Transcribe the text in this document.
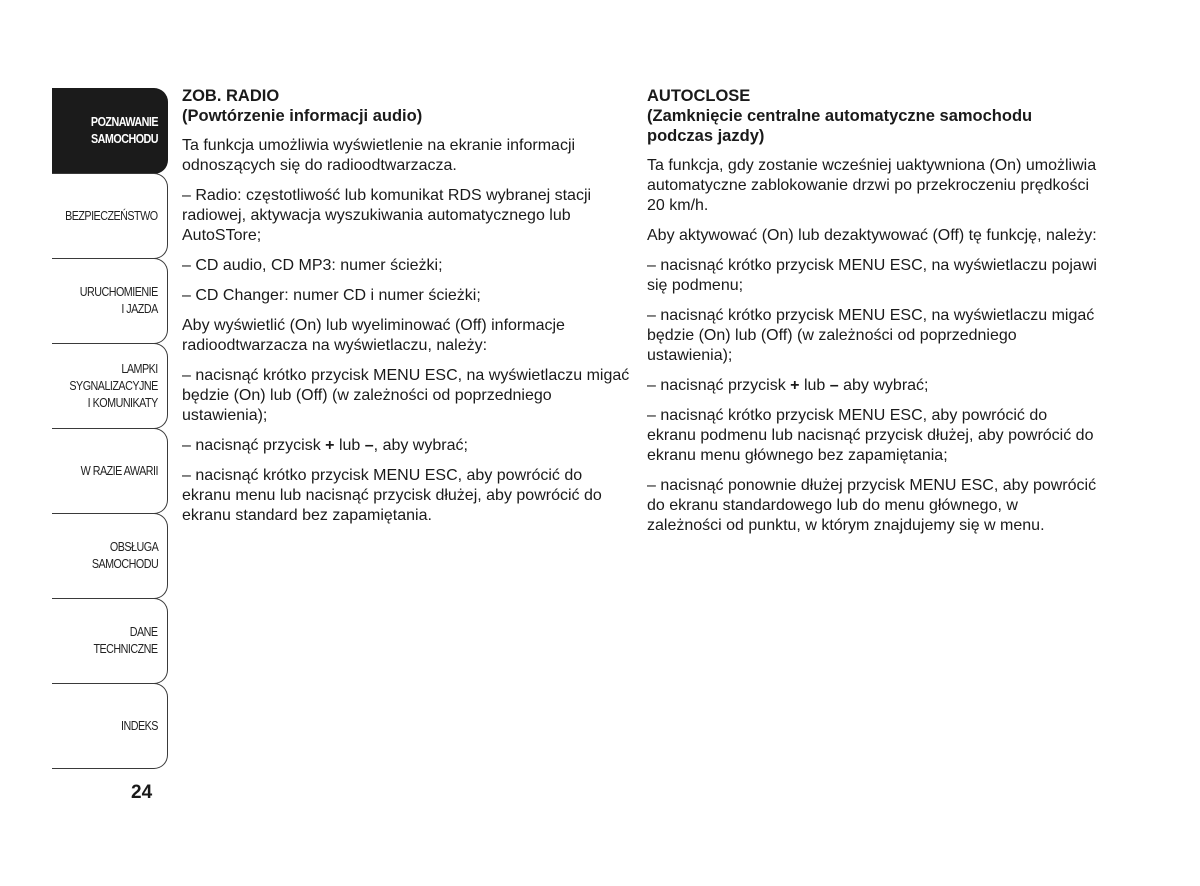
POZNAWANIE
SAMOCHODU
BEZPIECZEŃSTWO
URUCHOMIENIE
I JAZDA
LAMPKI
SYGNALIZACYJNE
I KOMUNIKATY
W RAZIE AWARII
OBSŁUGA
SAMOCHODU
DANE
TECHNICZNE
INDEKS
24
ZOB. RADIO
(Powtórzenie informacji audio)

Ta funkcja umożliwia wyświetlenie na ekranie informacji odnoszących się do radioodtwarzacza.

– Radio: częstotliwość lub komunikat RDS wybranej stacji radiowej, aktywacja wyszukiwania automatycznego lub AutoSTore;

– CD audio, CD MP3: numer ścieżki;

– CD Changer: numer CD i numer ścieżki;

Aby wyświetlić (On) lub wyeliminować (Off) informacje radioodtwarzacza na wyświetlaczu, należy:

– nacisnąć krótko przycisk MENU ESC, na wyświetlaczu migać będzie (On) lub (Off) (w zależności od poprzedniego ustawienia);

– nacisnąć przycisk + lub –, aby wybrać;

– nacisnąć krótko przycisk MENU ESC, aby powrócić do ekranu menu lub nacisnąć przycisk dłużej, aby powrócić do ekranu standard bez zapamiętania.

AUTOCLOSE
(Zamknięcie centralne automatyczne samochodu podczas jazdy)

Ta funkcja, gdy zostanie wcześniej uaktywniona (On) umożliwia automatyczne zablokowanie drzwi po przekroczeniu prędkości 20 km/h.

Aby aktywować (On) lub dezaktywować (Off) tę funkcję, należy:

– nacisnąć krótko przycisk MENU ESC, na wyświetlaczu pojawi się podmenu;

– nacisnąć krótko przycisk MENU ESC, na wyświetlaczu migać będzie (On) lub (Off) (w zależności od poprzedniego ustawienia);

– nacisnąć przycisk + lub – aby wybrać;

– nacisnąć krótko przycisk MENU ESC, aby powrócić do ekranu podmenu lub nacisnąć przycisk dłużej, aby powrócić do ekranu menu głównego bez zapamiętania;

– nacisnąć ponownie dłużej przycisk MENU ESC, aby powrócić do ekranu standardowego lub do menu głównego, w zależności od punktu, w którym znajdujemy się w menu.
